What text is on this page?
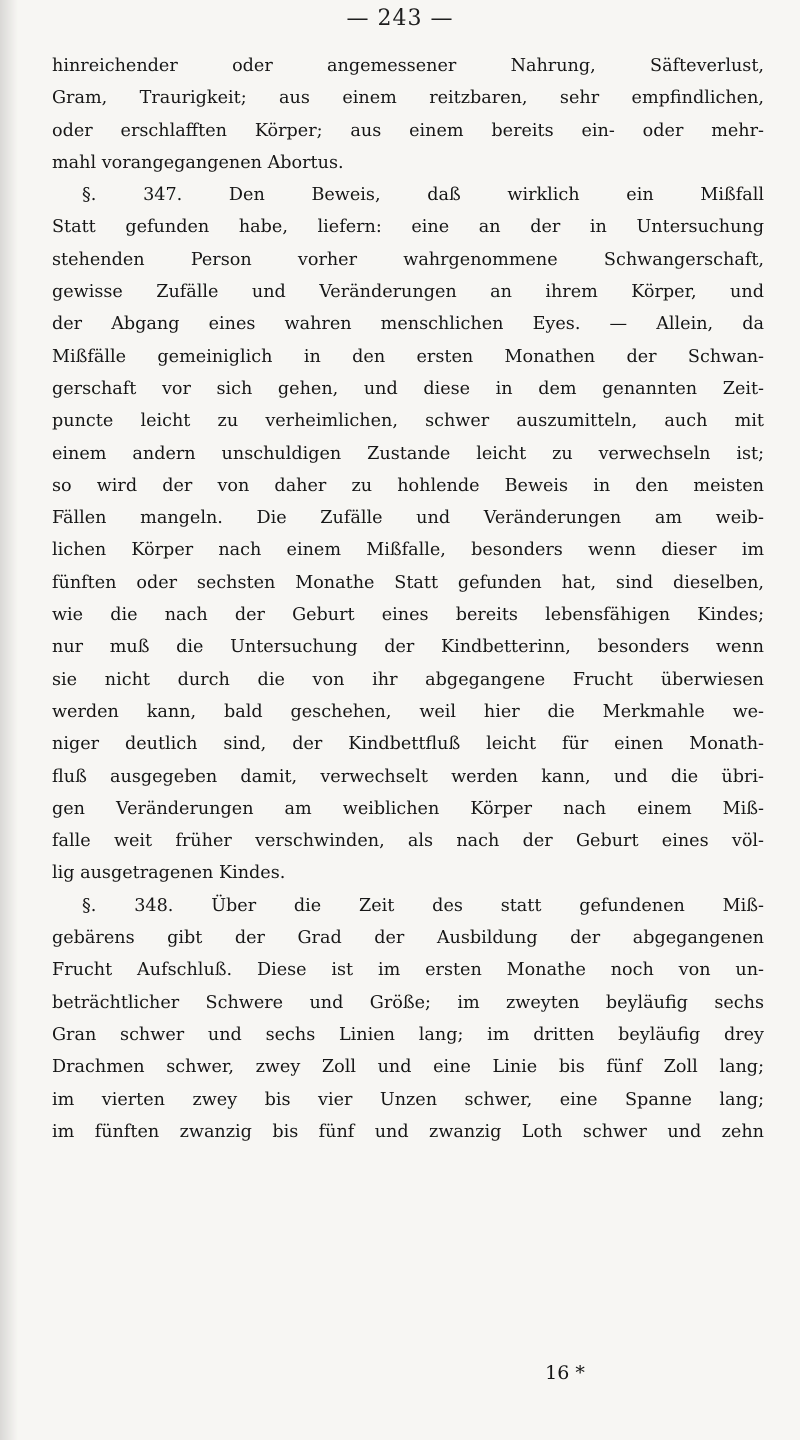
— 243 —
hinreichender oder angemessener Nahrung, Säfteverlust,
Gram, Traurigkeit; aus einem reitzbaren, sehr empfindlichen,
oder erschlafften Körper; aus einem bereits ein- oder mehr-
mahl vorangegangenen Abortus.
§. 347. Den Beweis, daß wirklich ein Mißfall
Statt gefunden habe, liefern: eine an der in Untersuchung
stehenden Person vorher wahrgenommene Schwangerschaft,
gewisse Zufälle und Veränderungen an ihrem Körper, und
der Abgang eines wahren menschlichen Eyes. — Allein, da
Mißfälle gemeiniglich in den ersten Monathen der Schwan-
gerschaft vor sich gehen, und diese in dem genannten Zeit-
puncte leicht zu verheimlichen, schwer auszumitteln, auch mit
einem andern unschuldigen Zustande leicht zu verwechseln ist;
so wird der von daher zu hohlende Beweis in den meisten
Fällen mangeln. Die Zufälle und Veränderungen am weib-
lichen Körper nach einem Mißfalle, besonders wenn dieser im
fünften oder sechsten Monathe Statt gefunden hat, sind dieselben,
wie die nach der Geburt eines bereits lebensfähigen Kindes;
nur muß die Untersuchung der Kindbetterinn, besonders wenn
sie nicht durch die von ihr abgegangene Frucht überwiesen
werden kann, bald geschehen, weil hier die Merkmahle we-
niger deutlich sind, der Kindbettfluß leicht für einen Monath-
fluß ausgegeben damit, verwechselt werden kann, und die übri-
gen Veränderungen am weiblichen Körper nach einem Miß-
falle weit früher verschwinden, als nach der Geburt eines völ-
lig ausgetragenen Kindes.
§. 348. Über die Zeit des statt gefundenen Miß-
gebärens gibt der Grad der Ausbildung der abgegangenen
Frucht Aufschluß. Diese ist im ersten Monathe noch von un-
beträchtlicher Schwere und Größe; im zweyten beyläufig sechs
Gran schwer und sechs Linien lang; im dritten beyläufig drey
Drachmen schwer, zwey Zoll und eine Linie bis fünf Zoll lang;
im vierten zwey bis vier Unzen schwer, eine Spanne lang;
im fünften zwanzig bis fünf und zwanzig Loth schwer und zehn
16 *
